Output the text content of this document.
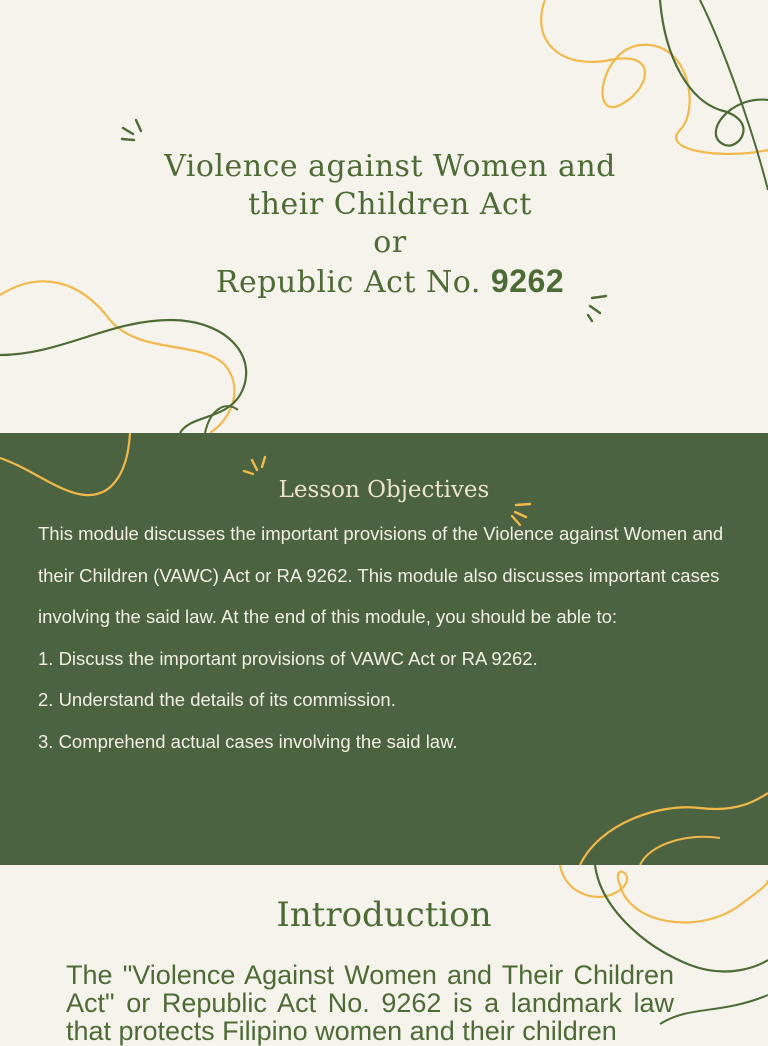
Violence against Women and
their Children Act
or
Republic Act No. 9262
Lesson Objectives

This module discusses the important provisions of the Violence against Women and their Children (VAWC) Act or RA 9262. This module also discusses important cases involving the said law. At the end of this module, you should be able to:

1. Discuss the important provisions of VAWC Act or RA 9262.

2. Understand the details of its commission.

3. Comprehend actual cases involving the said law.

Introduction
The "Violence Against Women and Their Children Act" or Republic Act No. 9262 is a landmark law that protects Filipino women and their children
